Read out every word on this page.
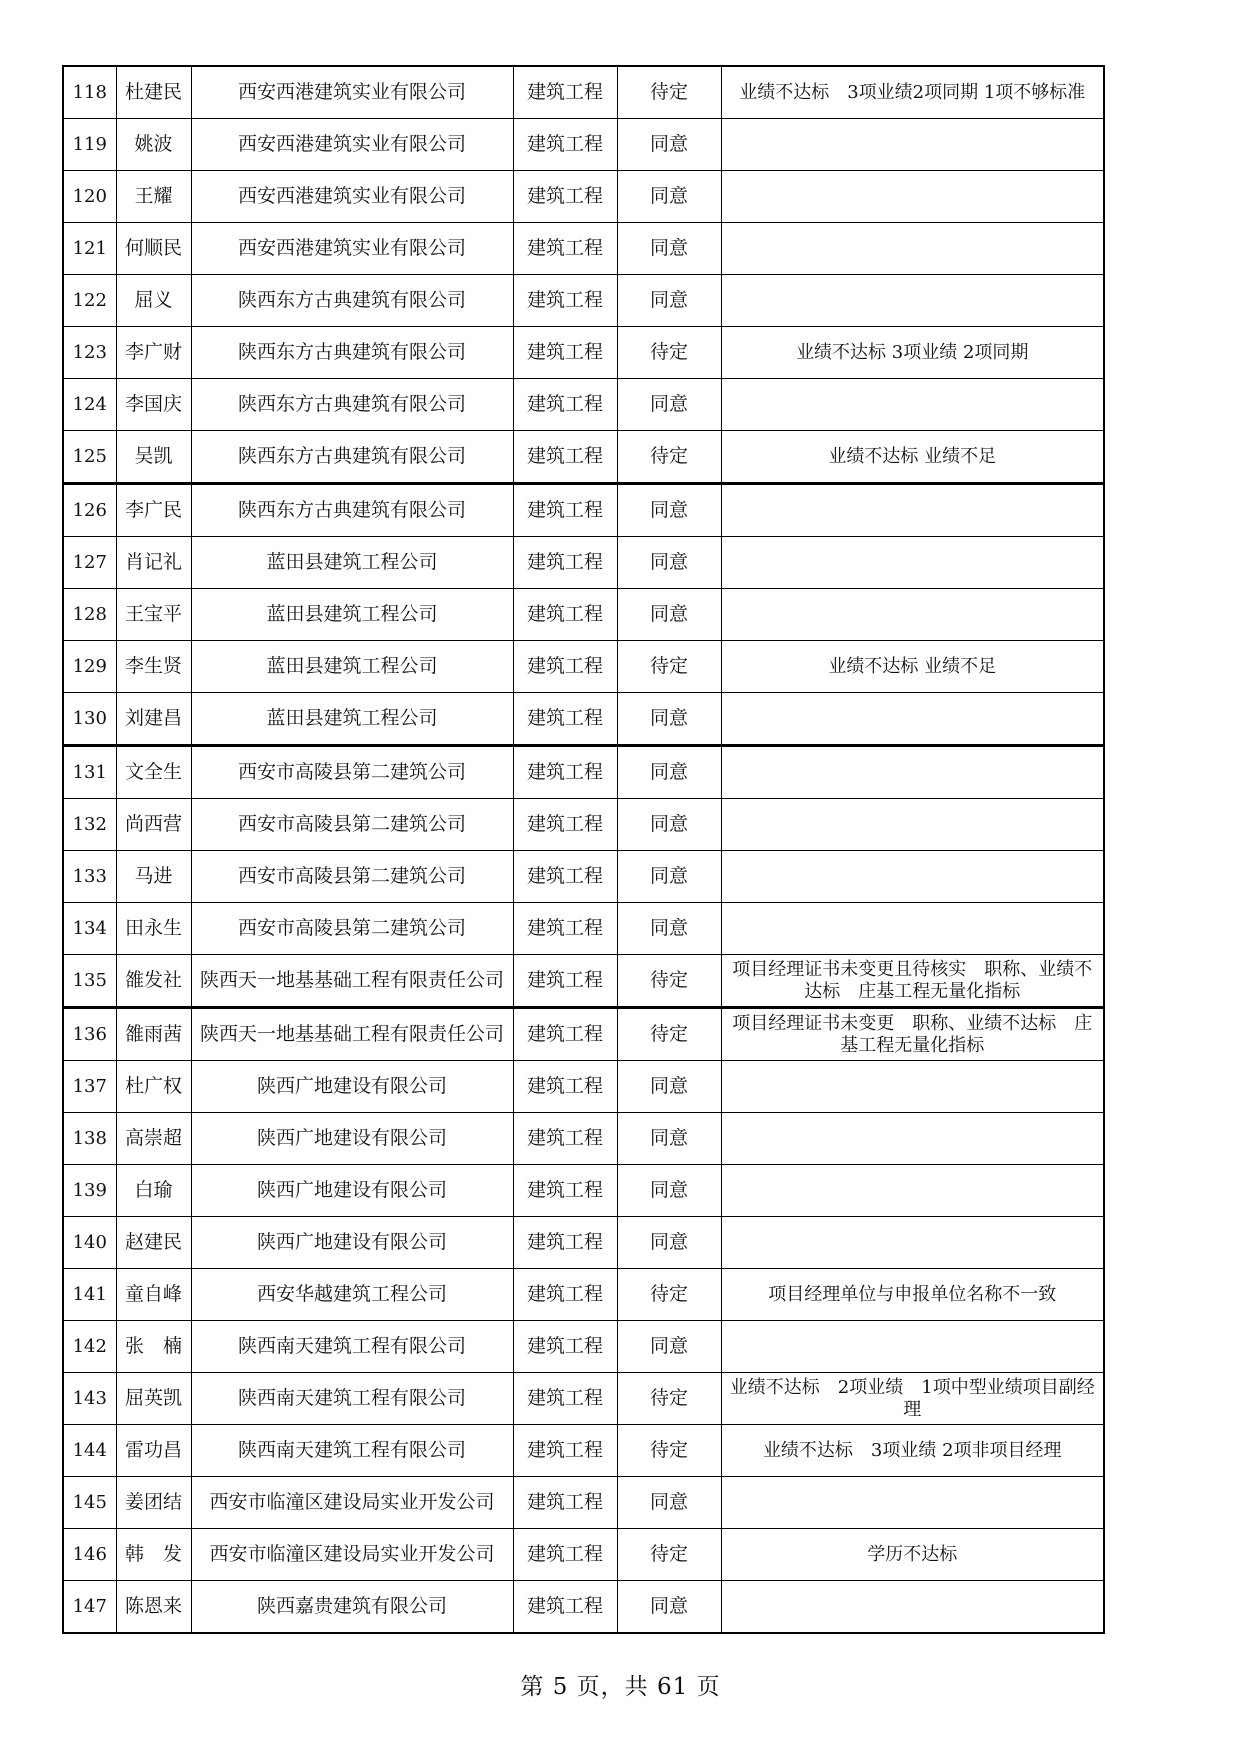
118	杜建民	西安西港建筑实业有限公司	建筑工程	待定	业绩不达标　3项业绩2项同期 1项不够标准
119	姚波	西安西港建筑实业有限公司	建筑工程	同意	
120	王耀	西安西港建筑实业有限公司	建筑工程	同意	
121	何顺民	西安西港建筑实业有限公司	建筑工程	同意	
122	屈义	陕西东方古典建筑有限公司	建筑工程	同意	
123	李广财	陕西东方古典建筑有限公司	建筑工程	待定	业绩不达标 3项业绩 2项同期
124	李国庆	陕西东方古典建筑有限公司	建筑工程	同意	
125	吴凯	陕西东方古典建筑有限公司	建筑工程	待定	业绩不达标 业绩不足
126	李广民	陕西东方古典建筑有限公司	建筑工程	同意	
127	肖记礼	蓝田县建筑工程公司	建筑工程	同意	
128	王宝平	蓝田县建筑工程公司	建筑工程	同意	
129	李生贤	蓝田县建筑工程公司	建筑工程	待定	业绩不达标 业绩不足
130	刘建昌	蓝田县建筑工程公司	建筑工程	同意	
131	文全生	西安市高陵县第二建筑公司	建筑工程	同意	
132	尚西营	西安市高陵县第二建筑公司	建筑工程	同意	
133	马进	西安市高陵县第二建筑公司	建筑工程	同意	
134	田永生	西安市高陵县第二建筑公司	建筑工程	同意	
135	雒发社	陕西天一地基基础工程有限责任公司	建筑工程	待定	项目经理证书未变更且待核实　职称、业绩不达标　庄基工程无量化指标
136	雒雨茜	陕西天一地基基础工程有限责任公司	建筑工程	待定	项目经理证书未变更　职称、业绩不达标　庄基工程无量化指标
137	杜广权	陕西广地建设有限公司	建筑工程	同意	
138	高崇超	陕西广地建设有限公司	建筑工程	同意	
139	白瑜	陕西广地建设有限公司	建筑工程	同意	
140	赵建民	陕西广地建设有限公司	建筑工程	同意	
141	童自峰	西安华越建筑工程公司	建筑工程	待定	项目经理单位与申报单位名称不一致
142	张　楠	陕西南天建筑工程有限公司	建筑工程	同意	
143	屈英凯	陕西南天建筑工程有限公司	建筑工程	待定	业绩不达标　2项业绩　1项中型业绩项目副经理
144	雷功昌	陕西南天建筑工程有限公司	建筑工程	待定	业绩不达标　3项业绩 2项非项目经理
145	姜团结	西安市临潼区建设局实业开发公司	建筑工程	同意	
146	韩　发	西安市临潼区建设局实业开发公司	建筑工程	待定	学历不达标
147	陈恩来	陕西嘉贵建筑有限公司	建筑工程	同意	
第 5 页，共 61 页
